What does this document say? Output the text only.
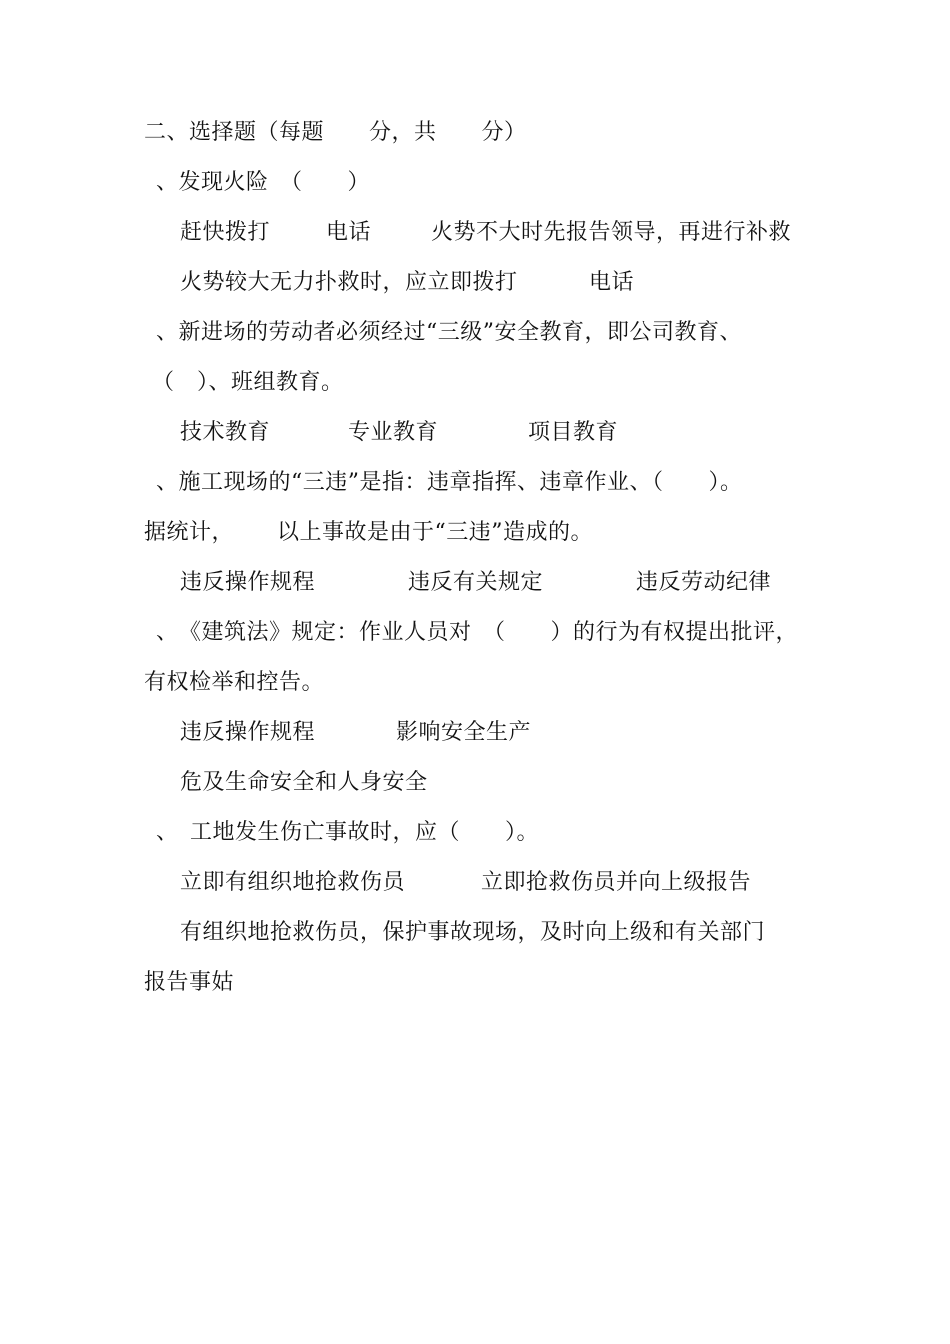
二、选择题（每题　　分，共　　分）
、发现火险　（　　）

赶快拨打

	电话

	火势不大时先报告领导，再进行补救

火势较大无力扑救时，应立即拨打

	电话

、新进场的劳动者必须经过“三级”安全教育，即公司教育、
（　）、班组教育。

技术教育

	专业教育

	项目教育

、施工现场的“三违”是指：违章指挥、违章作业、（　　）。

据统计，

以上事故是由于“三违”造成的。

违反操作规程

	违反有关规定

	违反劳动纪律

、　《建筑法》规定：作业人员对　（　　）的行为有权提出批评，
有权检举和控告。

违反操作规程

	影响安全生产

危及生命安全和人身安全
、　工地发生伤亡事故时，应（　　）。

立即有组织地抢救伤员

	立即抢救伤员并向上级报告

有组织地抢救伤员，保护事故现场，及时向上级和有关部门
报告事姑
